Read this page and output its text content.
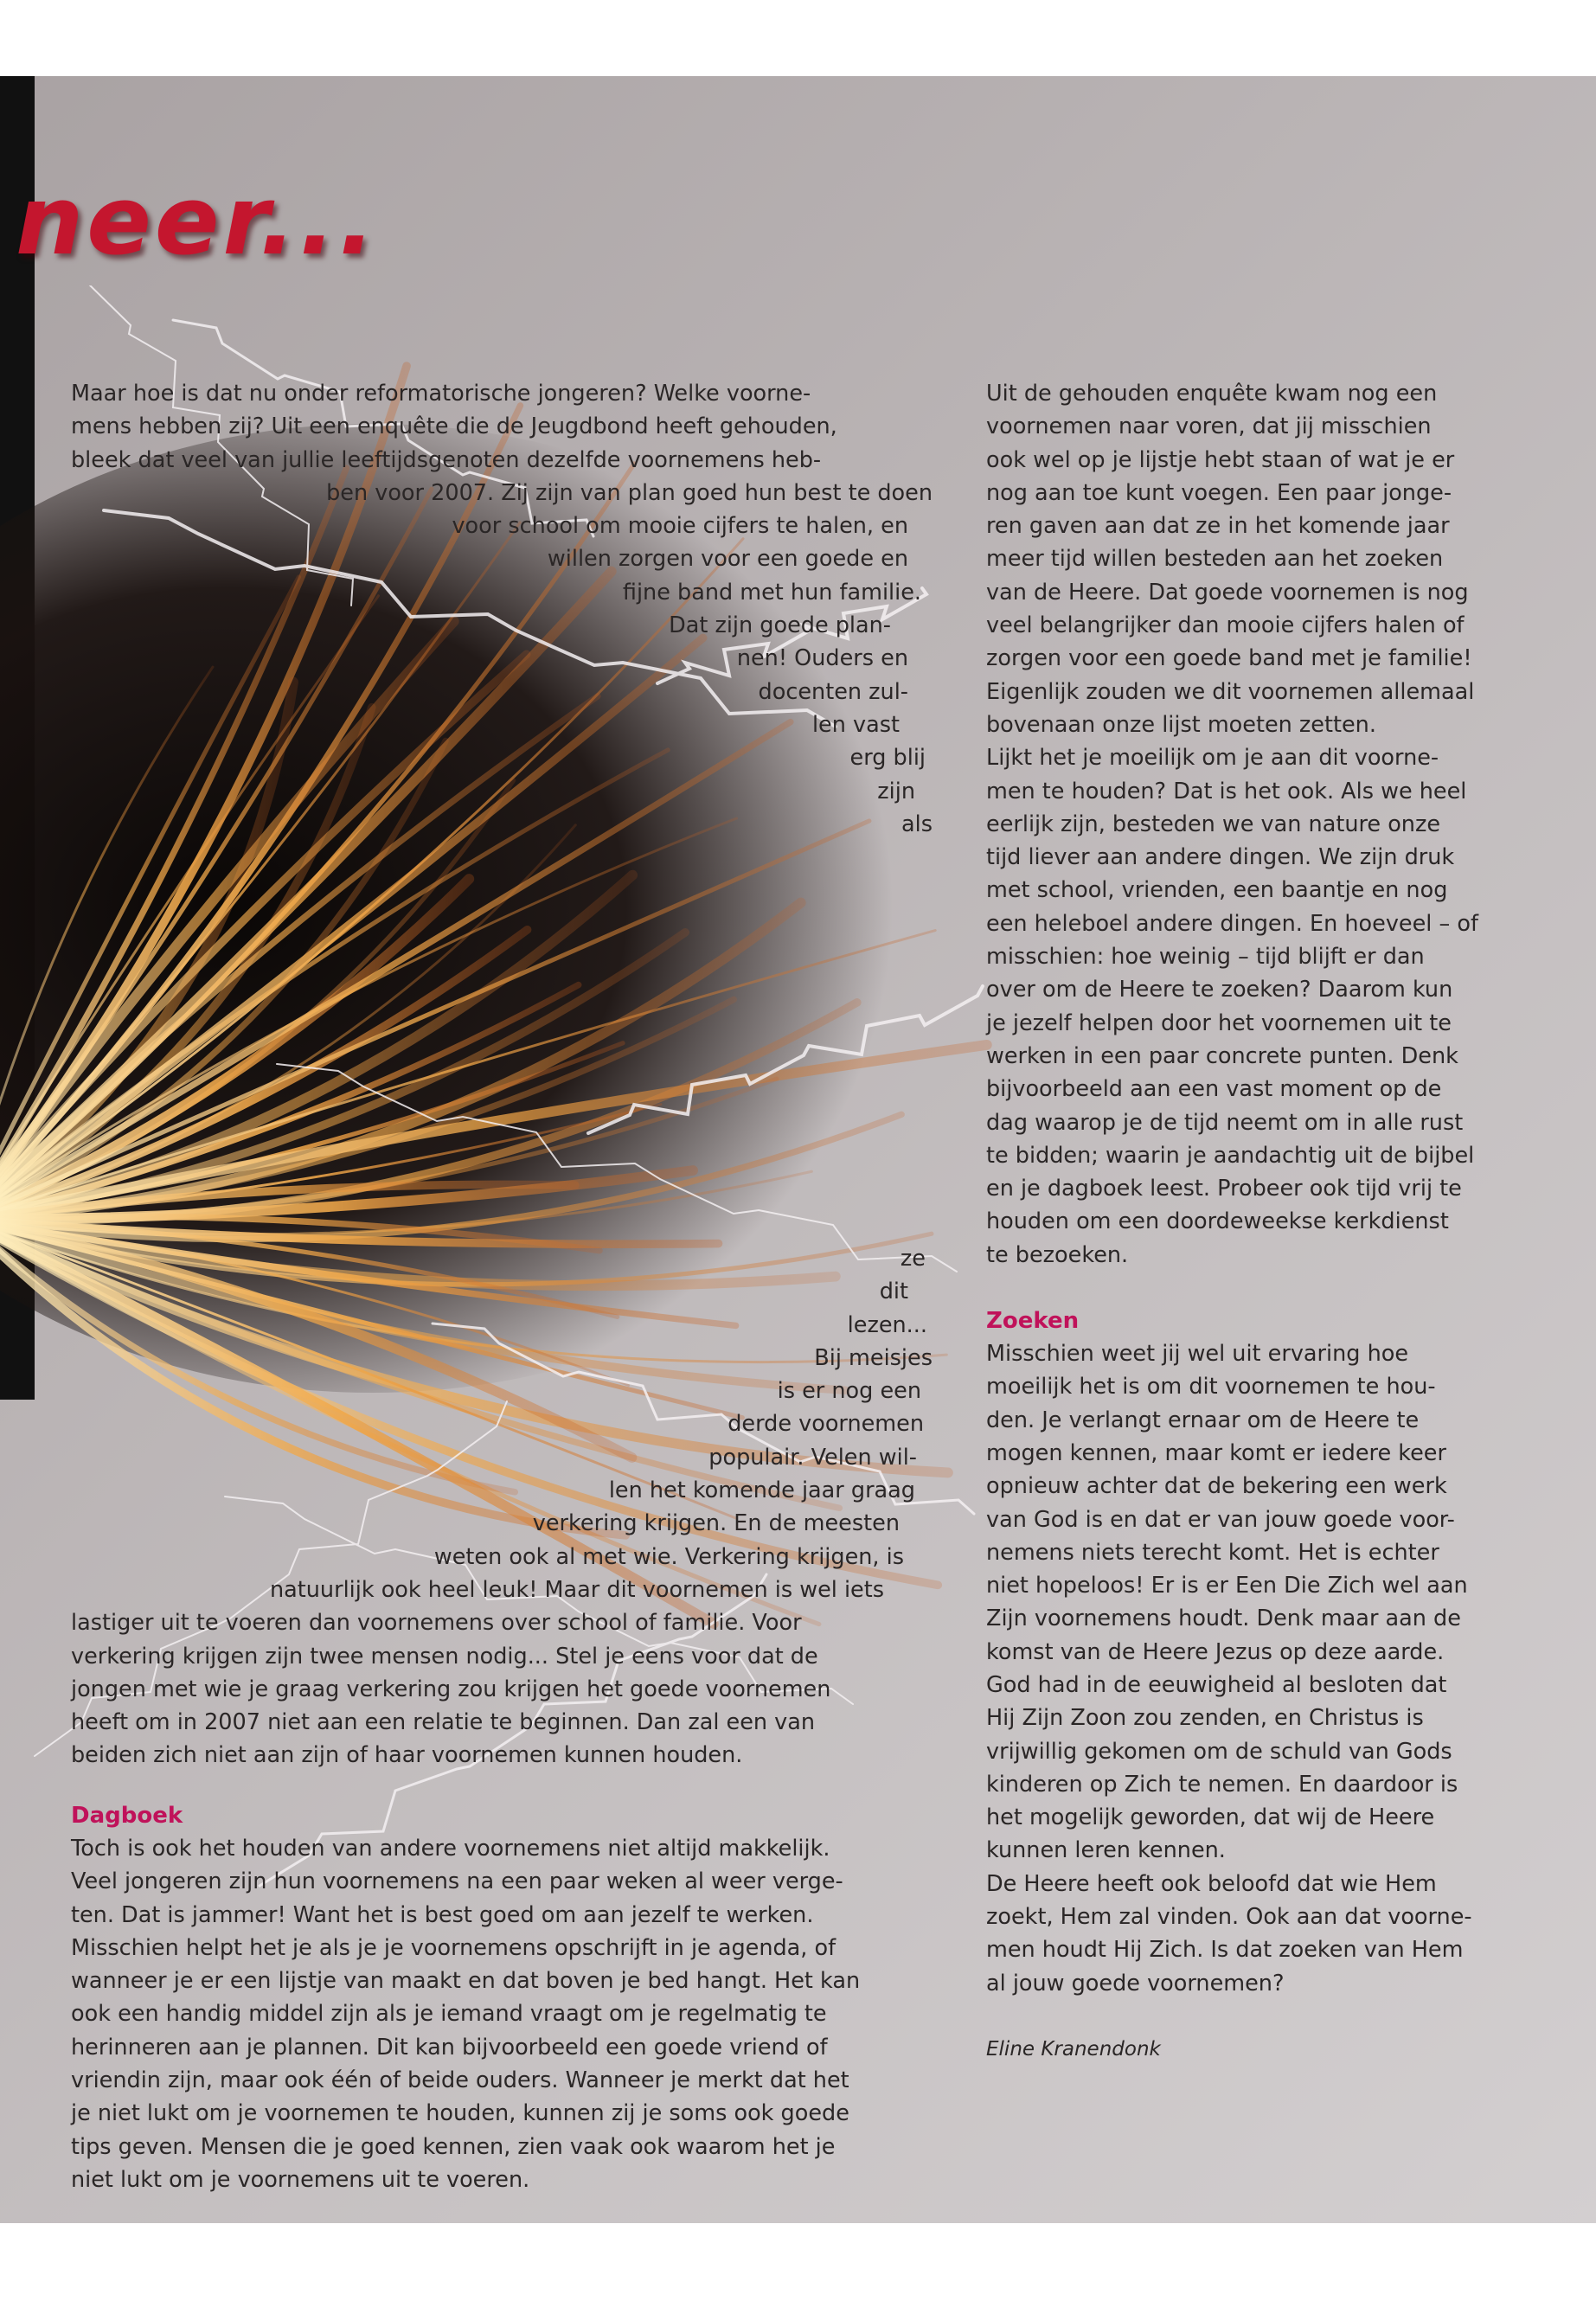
neer...

Maar hoe is dat nu onder reformatorische jongeren? Welke voorne-

mens hebben zij? Uit een enquête die de Jeugdbond heeft gehouden,

bleek dat veel van jullie leeftijdsgenoten dezelfde voornemens heb-

ben voor 2007. Zij zijn van plan goed hun best te doen

voor school om mooie cijfers te halen, en

willen zorgen voor een goede en

fijne band met hun familie.

Dat zijn goede plan-

nen! Ouders en

docenten zul-

len vast

erg blij

zijn

als

ze

dit

lezen...

Bij meisjes

is er nog een

derde voornemen

populair. Velen wil-

len het komende jaar graag

verkering krijgen. En de meesten

weten ook al met wie. Verkering krijgen, is

natuurlijk ook heel leuk! Maar dit voornemen is wel iets

lastiger uit te voeren dan voornemens over school of familie. Voor

verkering krijgen zijn twee mensen nodig... Stel je eens voor dat de

jongen met wie je graag verkering zou krijgen het goede voornemen

heeft om in 2007 niet aan een relatie te beginnen. Dan zal een van

beiden zich niet aan zijn of haar voornemen kunnen houden.

Dagboek

Toch is ook het houden van andere voornemens niet altijd makkelijk.

Veel jongeren zijn hun voornemens na een paar weken al weer verge-

ten. Dat is jammer! Want het is best goed om aan jezelf te werken.

Misschien helpt het je als je je voornemens opschrijft in je agenda, of

wanneer je er een lijstje van maakt en dat boven je bed hangt. Het kan

ook een handig middel zijn als je iemand vraagt om je regelmatig te

herinneren aan je plannen. Dit kan bijvoorbeeld een goede vriend of

vriendin zijn, maar ook één of beide ouders. Wanneer je merkt dat het

je niet lukt om je voornemen te houden, kunnen zij je soms ook goede

tips geven. Mensen die je goed kennen, zien vaak ook waarom het je

niet lukt om je voornemens uit te voeren.

Uit de gehouden enquête kwam nog een

voornemen naar voren, dat jij misschien

ook wel op je lijstje hebt staan of wat je er

nog aan toe kunt voegen. Een paar jonge-

ren gaven aan dat ze in het komende jaar

meer tijd willen besteden aan het zoeken

van de Heere. Dat goede voornemen is nog

veel belangrijker dan mooie cijfers halen of

zorgen voor een goede band met je familie!

Eigenlijk zouden we dit voornemen allemaal

bovenaan onze lijst moeten zetten.

Lijkt het je moeilijk om je aan dit voorne-

men te houden? Dat is het ook. Als we heel

eerlijk zijn, besteden we van nature onze

tijd liever aan andere dingen. We zijn druk

met school, vrienden, een baantje en nog

een heleboel andere dingen. En hoeveel – of

misschien: hoe weinig – tijd blijft er dan

over om de Heere te zoeken? Daarom kun

je jezelf helpen door het voornemen uit te

werken in een paar concrete punten. Denk

bijvoorbeeld aan een vast moment op de

dag waarop je de tijd neemt om in alle rust

te bidden; waarin je aandachtig uit de bijbel

en je dagboek leest. Probeer ook tijd vrij te

houden om een doordeweekse kerkdienst

te bezoeken.

Zoeken

Misschien weet jij wel uit ervaring hoe

moeilijk het is om dit voornemen te hou-

den. Je verlangt ernaar om de Heere te

mogen kennen, maar komt er iedere keer

opnieuw achter dat de bekering een werk

van God is en dat er van jouw goede voor-

nemens niets terecht komt. Het is echter

niet hopeloos! Er is er Een Die Zich wel aan

Zijn voornemens houdt. Denk maar aan de

komst van de Heere Jezus op deze aarde.

God had in de eeuwigheid al besloten dat

Hij Zijn Zoon zou zenden, en Christus is

vrijwillig gekomen om de schuld van Gods

kinderen op Zich te nemen. En daardoor is

het mogelijk geworden, dat wij de Heere

kunnen leren kennen.

De Heere heeft ook beloofd dat wie Hem

zoekt, Hem zal vinden. Ook aan dat voorne-

men houdt Hij Zich. Is dat zoeken van Hem

al jouw goede voornemen?

Eline Kranendonk
